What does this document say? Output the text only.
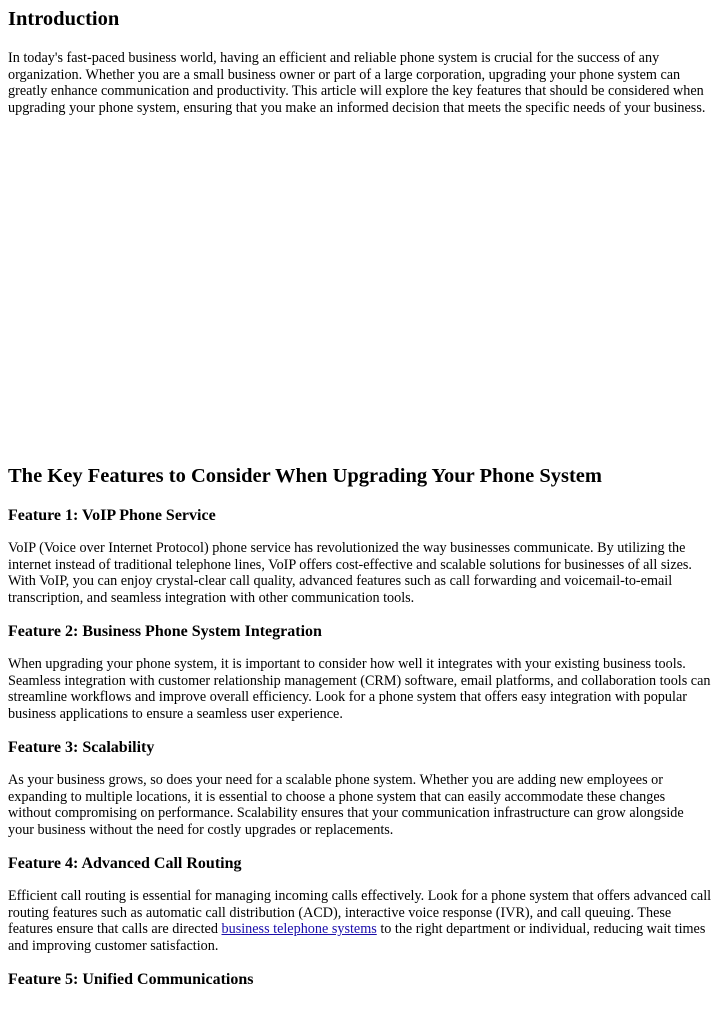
Introduction

In today's fast-paced business world, having an efficient and reliable phone system is crucial for the success of any organization. Whether you are a small business owner or part of a large corporation, upgrading your phone system can greatly enhance communication and productivity. This article will explore the key features that should be considered when upgrading your phone system, ensuring that you make an informed decision that meets the specific needs of your business.

The Key Features to Consider When Upgrading Your Phone System
Feature 1: VoIP Phone Service

VoIP (Voice over Internet Protocol) phone service has revolutionized the way businesses communicate. By utilizing the internet instead of traditional telephone lines, VoIP offers cost-effective and scalable solutions for businesses of all sizes. With VoIP, you can enjoy crystal-clear call quality, advanced features such as call forwarding and voicemail-to-email transcription, and seamless integration with other communication tools.

Feature 2: Business Phone System Integration

When upgrading your phone system, it is important to consider how well it integrates with your existing business tools. Seamless integration with customer relationship management (CRM) software, email platforms, and collaboration tools can streamline workflows and improve overall efficiency. Look for a phone system that offers easy integration with popular business applications to ensure a seamless user experience.

Feature 3: Scalability

As your business grows, so does your need for a scalable phone system. Whether you are adding new employees or expanding to multiple locations, it is essential to choose a phone system that can easily accommodate these changes without compromising on performance. Scalability ensures that your communication infrastructure can grow alongside your business without the need for costly upgrades or replacements.

Feature 4: Advanced Call Routing

Efficient call routing is essential for managing incoming calls effectively. Look for a phone system that offers advanced call routing features such as automatic call distribution (ACD), interactive voice response (IVR), and call queuing. These features ensure that calls are directed business telephone systems to the right department or individual, reducing wait times and improving customer satisfaction.

Feature 5: Unified Communications
